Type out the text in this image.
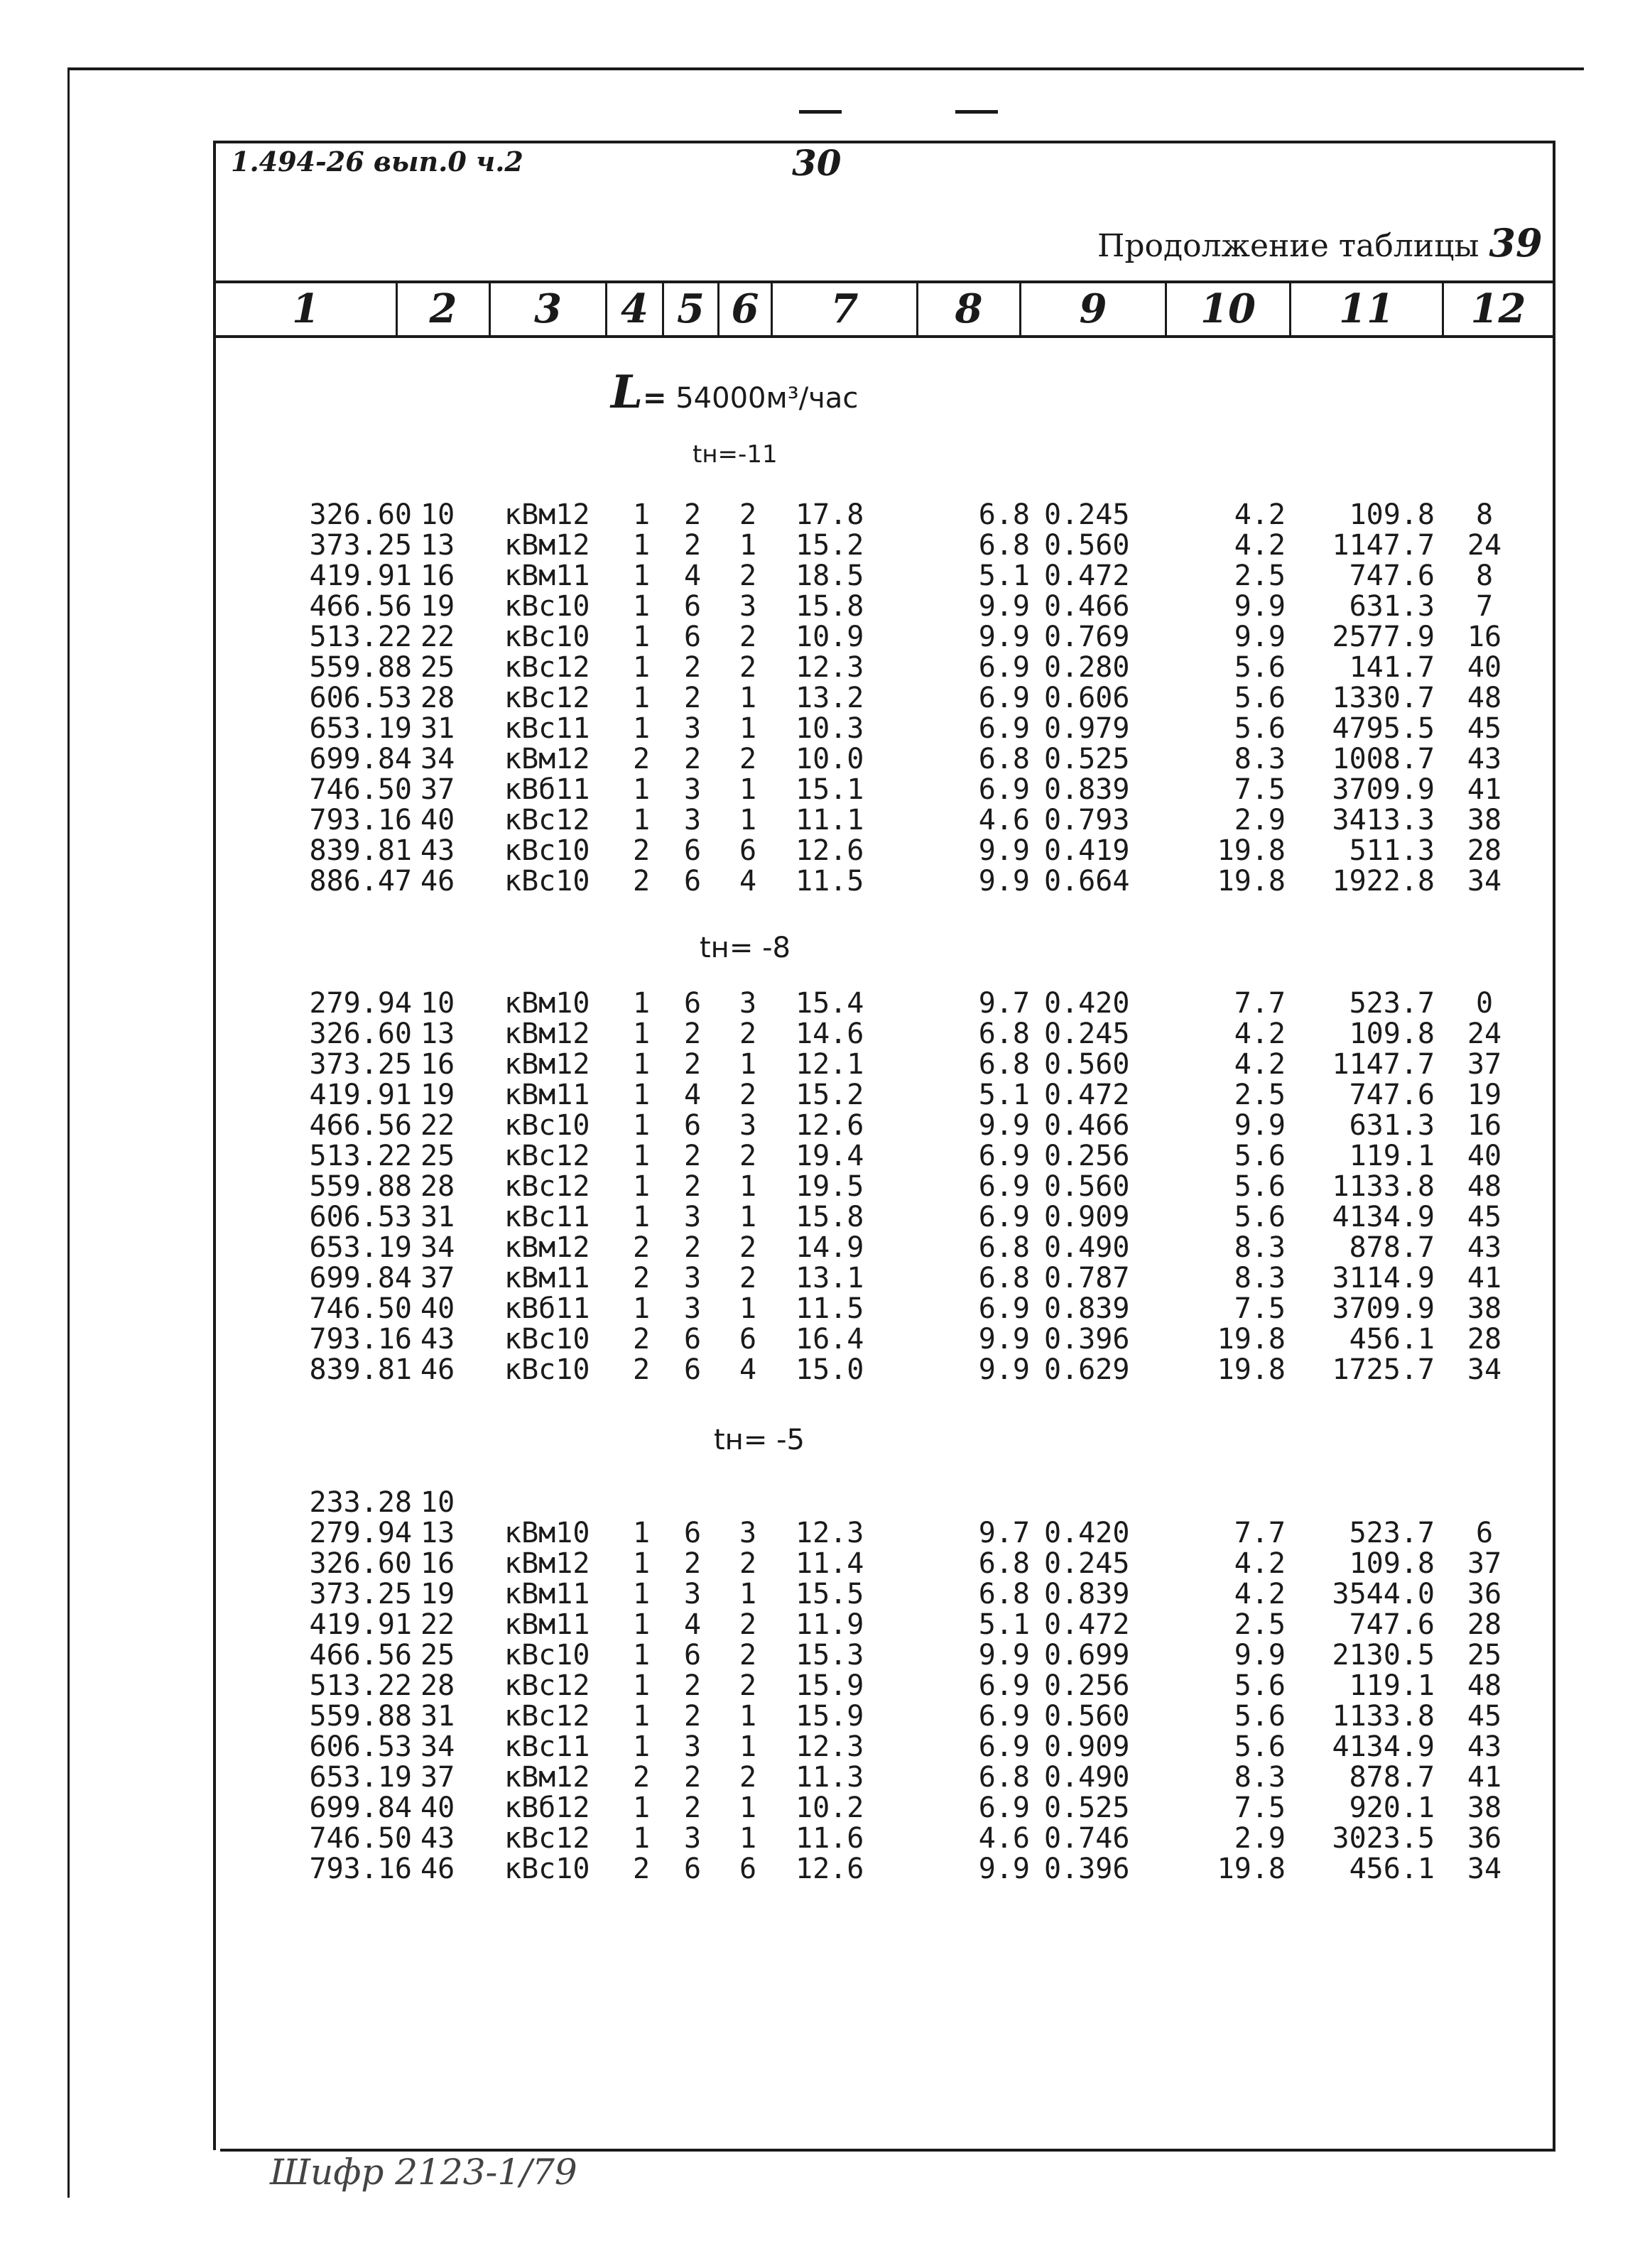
1.494-26 вып.0 ч.2	30
Продолжение таблицы 39
1	2	3	4 5 6	7	8	9	10	11	12
L= 54000м³/час
tн=-11
326.60 10 кВм12	1 2 2 17.8	6.8 0.245	4.2	109.8	8
373.25 13 кВм12	1 2 1 15.2	6.8 0.560	4.2	1147.7 24
419.91 16 кВм11	1 4 2 18.5	5.1 0.472	2.5	747.6	8
466.56 19 кВс10	1 6 3 15.8	9.9 0.466	9.9	631.3	7
513.22 22 кВс10	1 6 2 10.9	9.9 0.769	9.9	2577.9 16
559.88 25 кВс12	1 2 2 12.3	6.9 0.280	5.6	141.7 40
606.53 28 кВс12	1 2 1 13.2	6.9 0.606	5.6	1330.7 48
653.19 31 кВс11	1 3 1 10.3	6.9 0.979	5.6	4795.5 45
699.84 34 кВм12	2 2 2 10.0	6.8 0.525	8.3	1008.7 43
746.50 37 кВб11	1 3 1 15.1	6.9 0.839	7.5	3709.9 41
793.16 40 кВс12	1 3 1 11.1	4.6 0.793	2.9	3413.3 38
839.81 43 кВс10	2 6 6 12.6	9.9 0.419	19.8	511.3 28
886.47 46 кВс10	2 6 4 11.5	9.9 0.664	19.8	1922.8 34
tн= -8
279.94 10 кВм10	1 6 3 15.4	9.7 0.420	7.7	523.7	0
326.60 13 кВм12	1 2 2 14.6	6.8 0.245	4.2	109.8 24
373.25 16 кВм12	1 2 1 12.1	6.8 0.560	4.2	1147.7 37
419.91 19 кВм11	1 4 2 15.2	5.1 0.472	2.5	747.6 19
466.56 22 кВс10	1 6 3 12.6	9.9 0.466	9.9	631.3 16
513.22 25 кВс12	1 2 2 19.4	6.9 0.256	5.6	119.1 40
559.88 28 кВс12	1 2 1 19.5	6.9 0.560	5.6	1133.8 48
606.53 31 кВс11	1 3 1 15.8	6.9 0.909	5.6	4134.9 45
653.19 34 кВм12	2 2 2 14.9	6.8 0.490	8.3	878.7 43
699.84 37 кВм11	2 3 2 13.1	6.8 0.787	8.3	3114.9 41
746.50 40 кВб11	1 3 1 11.5	6.9 0.839	7.5	3709.9 38
793.16 43 кВс10	2 6 6 16.4	9.9 0.396	19.8	456.1 28
839.81 46 кВс10	2 6 4 15.0	9.9 0.629	19.8	1725.7 34
tн= -5
233.28 10
279.94 13 кВм10	1 6 3 12.3	9.7 0.420	7.7	523.7	6
326.60 16 кВм12	1 2 2 11.4	6.8 0.245	4.2	109.8 37
373.25 19 кВм11	1 3 1 15.5	6.8 0.839	4.2	3544.0 36
419.91 22 кВм11	1 4 2 11.9	5.1 0.472	2.5	747.6 28
466.56 25 кВс10	1 6 2 15.3	9.9 0.699	9.9	2130.5 25
513.22 28 кВс12	1 2 2 15.9	6.9 0.256	5.6	119.1 48
559.88 31 кВс12	1 2 1 15.9	6.9 0.560	5.6	1133.8 45
606.53 34 кВс11	1 3 1 12.3	6.9 0.909	5.6	4134.9 43
653.19 37 кВм12	2 2 2 11.3	6.8 0.490	8.3	878.7 41
699.84 40 кВб12	1 2 1 10.2	6.9 0.525	7.5	920.1 38
746.50 43 кВс12	1 3 1 11.6	4.6 0.746	2.9	3023.5 36
793.16 46 кВс10	2 6 6 12.6	9.9 0.396	19.8	456.1 34
Шифр 2123-1/79
